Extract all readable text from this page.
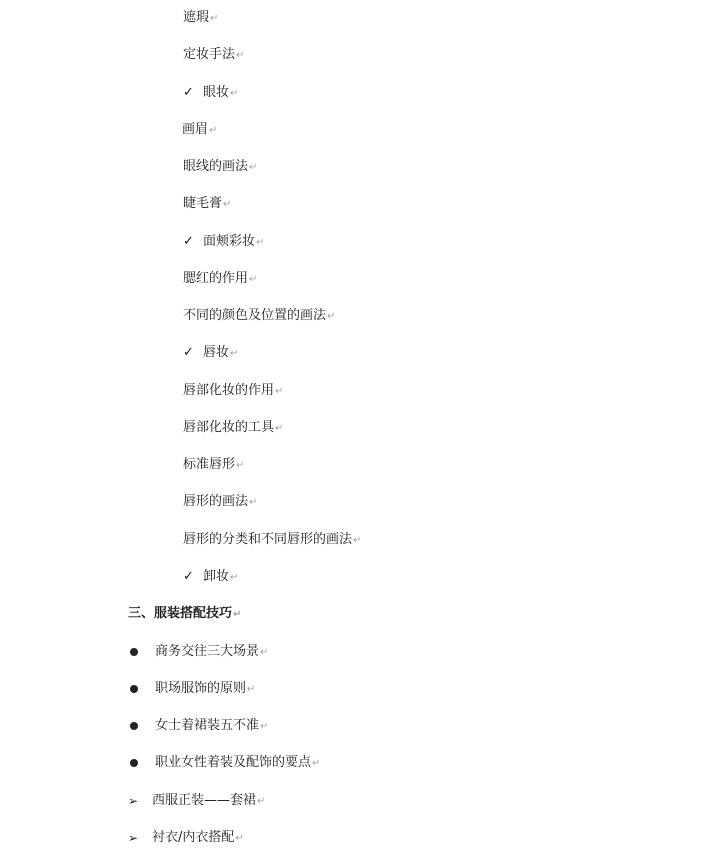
遮瑕 ↵
定妆手法 ↵
✓ 眼妆 ↵
画眉 ↵
眼线的画法 ↵
睫毛膏 ↵
✓ 面颊彩妆 ↵
腮红的作用 ↵
不同的颜色及位置的画法 ↵
✓ 唇妆 ↵
唇部化妆的作用 ↵
唇部化妆的工具 ↵
标准唇形 ↵
唇形的画法 ↵
唇形的分类和不同唇形的画法 ↵
✓ 卸妆 ↵
三、服装搭配技巧 ↵
商务交往三大场景 ↵
职场服饰的原则 ↵
女士着裙装五不准 ↵
职业女性着装及配饰的要点 ↵
➢	西服正装——套裙 ↵
➢	衬衣/内衣搭配 ↵
